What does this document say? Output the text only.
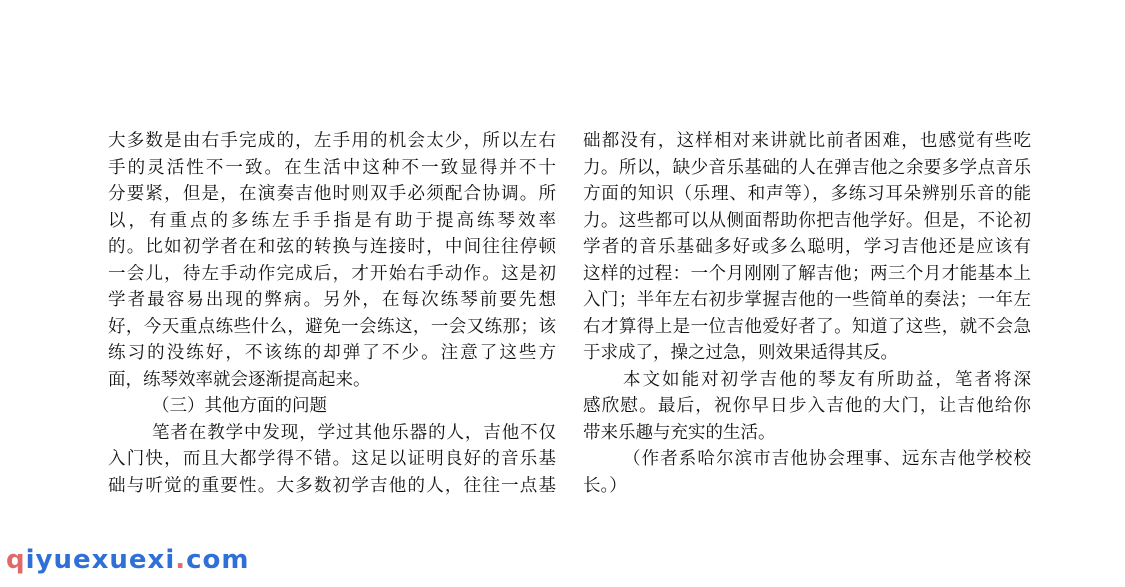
大多数是由右手完成的，左手用的机会太少，所以左右
手的灵活性不一致。在生活中这种不一致显得并不十
分要紧，但是，在演奏吉他时则双手必须配合协调。所
以，有重点的多练左手手指是有助于提高练琴效率
的。比如初学者在和弦的转换与连接时，中间往往停顿
一会儿，待左手动作完成后，才开始右手动作。这是初
学者最容易出现的弊病。另外，在每次练琴前要先想
好，今天重点练些什么，避免一会练这，一会又练那；该
练习的没练好，不该练的却弹了不少。注意了这些方
面，练琴效率就会逐渐提高起来。
（三）其他方面的问题
笔者在教学中发现，学过其他乐器的人，吉他不仅
入门快，而且大都学得不错。这足以证明良好的音乐基
础与听觉的重要性。大多数初学吉他的人，往往一点基
础都没有，这样相对来讲就比前者困难，也感觉有些吃
力。所以，缺少音乐基础的人在弹吉他之余要多学点音乐
方面的知识（乐理、和声等），多练习耳朵辨别乐音的能
力。这些都可以从侧面帮助你把吉他学好。但是，不论初
学者的音乐基础多好或多么聪明，学习吉他还是应该有
这样的过程：一个月刚刚了解吉他；两三个月才能基本上
入门；半年左右初步掌握吉他的一些简单的奏法；一年左
右才算得上是一位吉他爱好者了。知道了这些，就不会急
于求成了，操之过急，则效果适得其反。
本文如能对初学吉他的琴友有所助益，笔者将深
感欣慰。最后，祝你早日步入吉他的大门，让吉他给你
带来乐趣与充实的生活。
（作者系哈尔滨市吉他协会理事、远东吉他学校校
长。）
q iyuexuexi . com
